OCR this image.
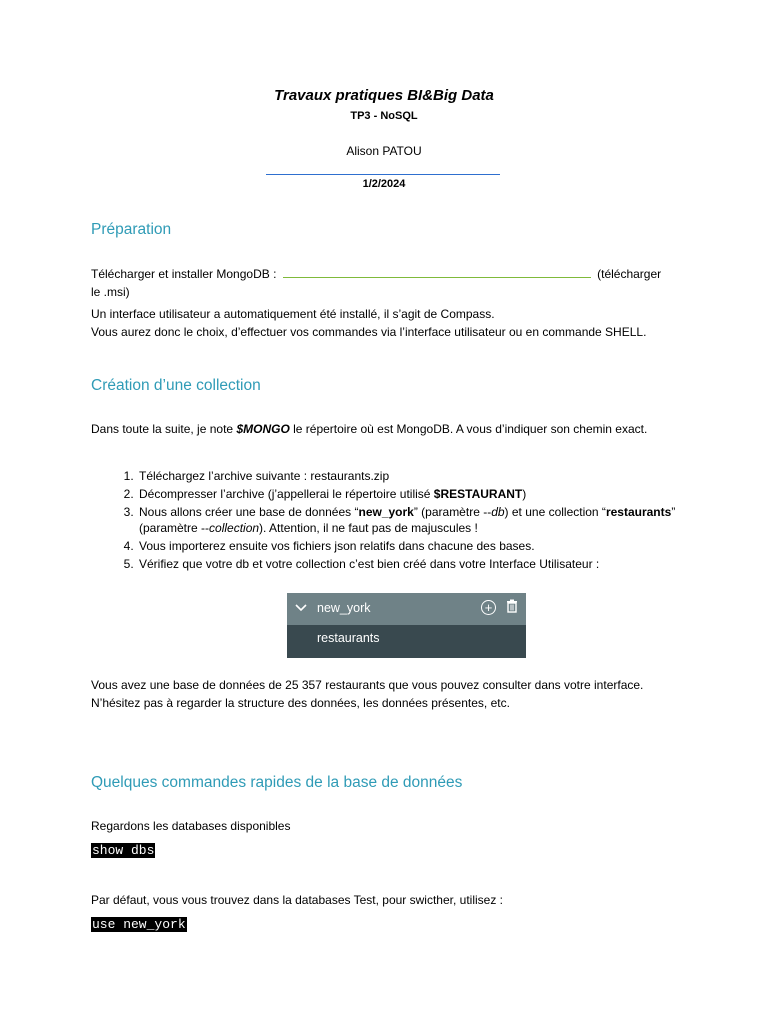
Travaux pratiques BI&Big Data
TP3 - NoSQL
Alison PATOU
1/2/2024
Préparation
Télécharger et installer MongoDB :	(télécharger
le .msi)
Un interface utilisateur a automatiquement été installé, il s’agit de Compass.
Vous aurez donc le choix, d’effectuer vos commandes via l’interface utilisateur ou en commande SHELL.
Création d’une collection
Dans toute la suite, je note $MONGO le répertoire où est MongoDB. A vous d’indiquer son chemin exact.
1. Téléchargez l’archive suivante : restaurants.zip
2. Décompresser l’archive (j’appellerai le répertoire utilisé $RESTAURANT)
3. Nous allons créer une base de données “new_york” (paramètre --db) et une collection “restaurants” (paramètre --collection). Attention, il ne faut pas de majuscules !
4. Vous importerez ensuite vos fichiers json relatifs dans chacune des bases.
5. Vérifiez que votre db et votre collection c’est bien créé dans votre Interface Utilisateur :
new_york	+
restaurants
Vous avez une base de données de 25 357 restaurants que vous pouvez consulter dans votre interface.
N’hésitez pas à regarder la structure des données, les données présentes, etc.
Quelques commandes rapides de la base de données
Regardons les databases disponibles
show dbs
Par défaut, vous vous trouvez dans la databases Test, pour swicther, utilisez :
use new_york
